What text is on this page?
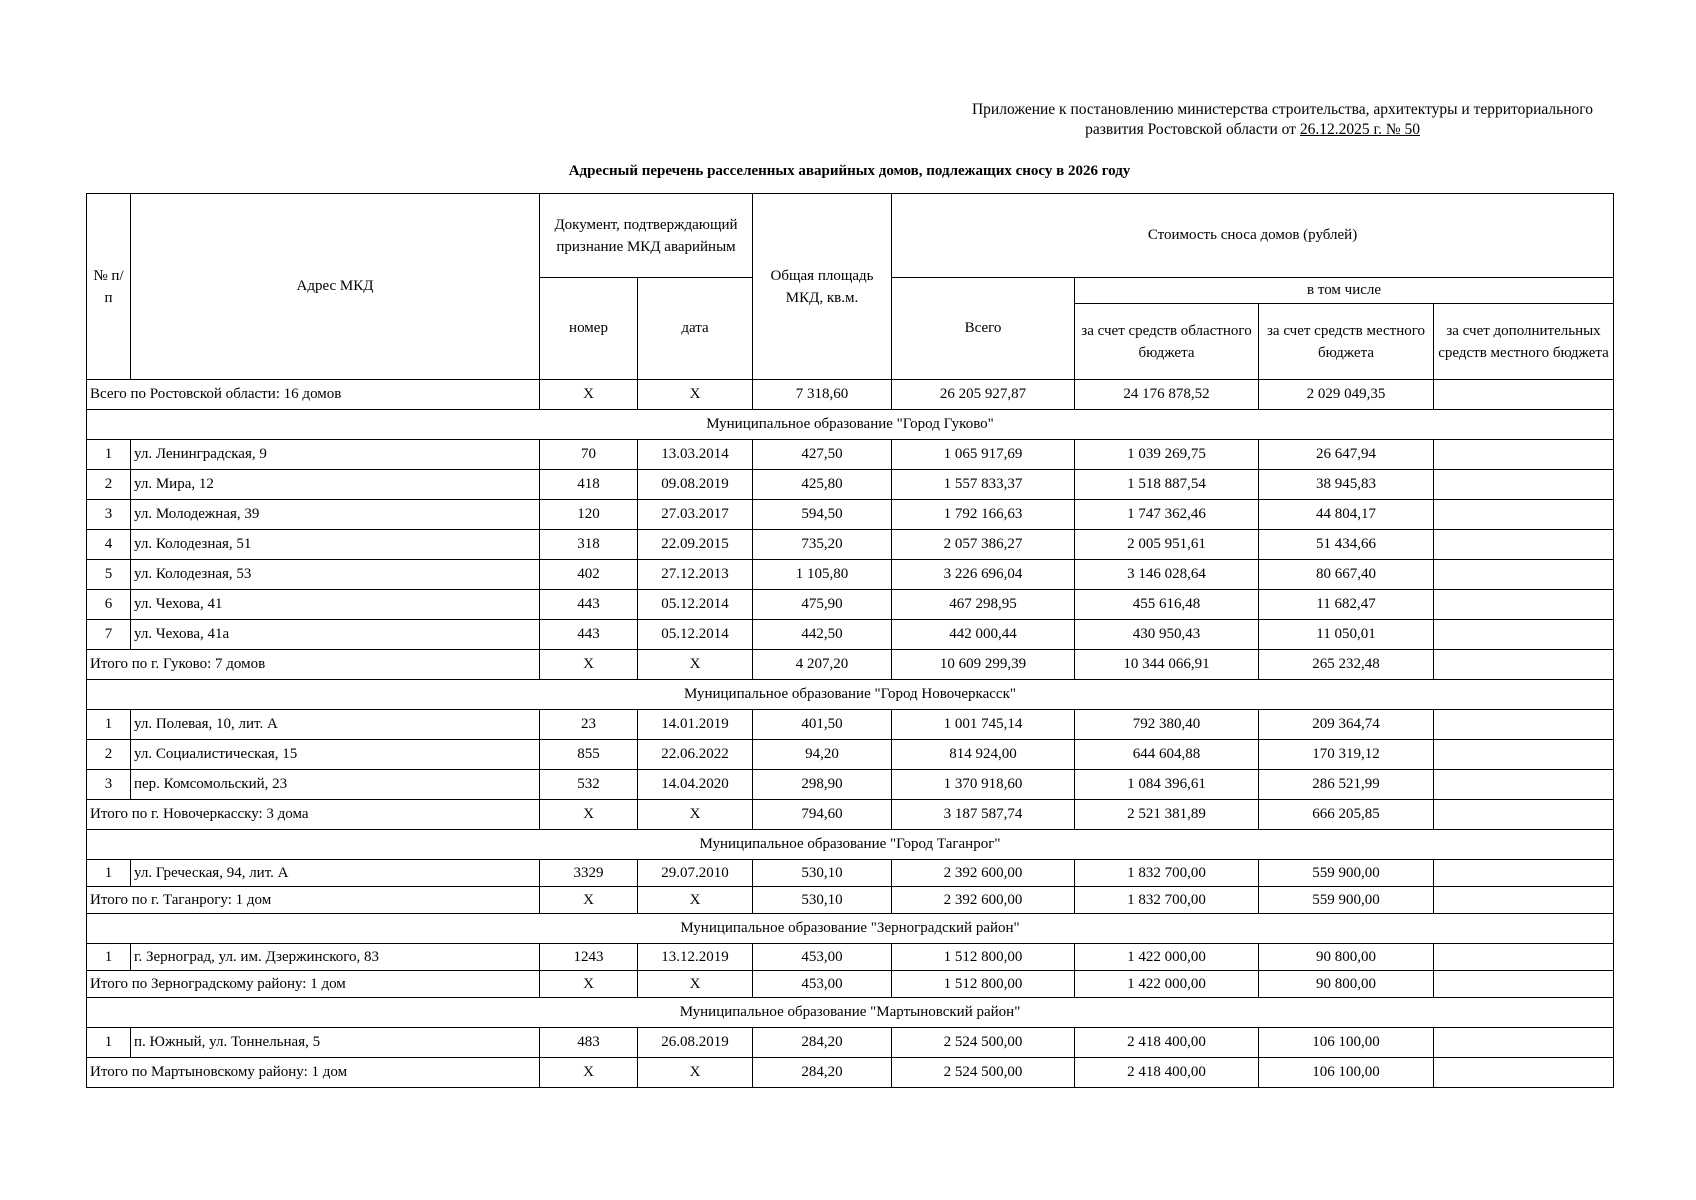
Приложение к постановлению министерства строительства, архитектуры и территориального
развития Ростовской области от 26.12.2025 г. № 50
Адресный перечень расселенных аварийных домов, подлежащих сносу в 2026 году
№ п/п	Адрес МКД	Документ, подтверждающий признание МКД аварийным		Общая площадь МКД, кв.м.	Стоимость сноса домов (рублей)			
		номер	дата		Всего	в том числе		
						за счет средств областного бюджета	за счет средств местного бюджета	за счет дополнительных средств местного бюджета
Всего по Ростовской области: 16 домов		Х	Х	7 318,60	26 205 927,87	24 176 878,52	2 029 049,35	
Муниципальное образование "Город Гуково"								
1	ул. Ленинградская, 9	70	13.03.2014	427,50	1 065 917,69	1 039 269,75	26 647,94	
2	ул. Мира, 12	418	09.08.2019	425,80	1 557 833,37	1 518 887,54	38 945,83	
3	ул. Молодежная, 39	120	27.03.2017	594,50	1 792 166,63	1 747 362,46	44 804,17	
4	ул. Колодезная, 51	318	22.09.2015	735,20	2 057 386,27	2 005 951,61	51 434,66	
5	ул. Колодезная, 53	402	27.12.2013	1 105,80	3 226 696,04	3 146 028,64	80 667,40	
6	ул. Чехова, 41	443	05.12.2014	475,90	467 298,95	455 616,48	11 682,47	
7	ул. Чехова, 41а	443	05.12.2014	442,50	442 000,44	430 950,43	11 050,01	
Итого по г. Гуково: 7 домов		Х	Х	4 207,20	10 609 299,39	10 344 066,91	265 232,48	
Муниципальное образование "Город Новочеркасск"								
1	ул. Полевая, 10, лит. А	23	14.01.2019	401,50	1 001 745,14	792 380,40	209 364,74	
2	ул. Социалистическая, 15	855	22.06.2022	94,20	814 924,00	644 604,88	170 319,12	
3	пер. Комсомольский, 23	532	14.04.2020	298,90	1 370 918,60	1 084 396,61	286 521,99	
Итого по г. Новочеркасску: 3 дома		Х	Х	794,60	3 187 587,74	2 521 381,89	666 205,85	
Муниципальное образование "Город Таганрог"								
1	ул. Греческая, 94, лит. А	3329	29.07.2010	530,10	2 392 600,00	1 832 700,00	559 900,00	
Итого по г. Таганрогу: 1 дом		Х	Х	530,10	2 392 600,00	1 832 700,00	559 900,00	
Муниципальное образование "Зерноградский район"								
1	г. Зерноград, ул. им. Дзержинского, 83	1243	13.12.2019	453,00	1 512 800,00	1 422 000,00	90 800,00	
Итого по Зерноградскому району: 1 дом		Х	Х	453,00	1 512 800,00	1 422 000,00	90 800,00	
Муниципальное образование "Мартыновский район"								
1	п. Южный, ул. Тоннельная, 5	483	26.08.2019	284,20	2 524 500,00	2 418 400,00	106 100,00	
Итого по Мартыновскому району: 1 дом		Х	Х	284,20	2 524 500,00	2 418 400,00	106 100,00	
